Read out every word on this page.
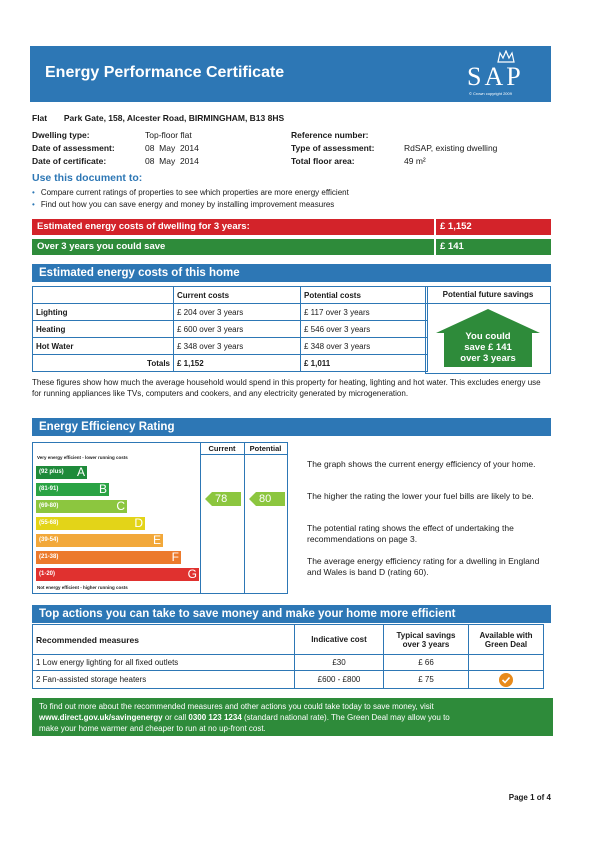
Energy Performance Certificate	SAP
© Crown copyright 2009
Flat Park Gate, 158, Alcester Road, BIRMINGHAM, B13 8HS
Dwelling type:	Top-floor flat
Date of assessment:	08  May  2014
Date of certificate:	08  May  2014
Reference number:
Type of assessment:	RdSAP, existing dwelling
Total floor area:	49 m²
Use this document to:
• Compare current ratings of properties to see which properties are more energy efficient
• Find out how you can save energy and money by installing improvement measures
Estimated energy costs of dwelling for 3 years:	£ 1,152
Over 3 years you could save	£ 141
Estimated energy costs of this home
	Current costs	Potential costs
Lighting	£ 204 over 3 years	£ 117 over 3 years
Heating	£ 600 over 3 years	£ 546 over 3 years
Hot Water	£ 348 over 3 years	£ 348 over 3 years
Totals	£ 1,152	£ 1,011
Potential future savings
You could
save £ 141
over 3 years
These figures show how much the average household would spend in this property for heating, lighting and hot water. This excludes energy use for running appliances like TVs, computers and cookers, and any electricity generated by microgeneration.
Energy Efficiency Rating
Current	Potential
Very energy efficient - lower running costs
Not energy efficient - higher running costs
(92 plus) A
(81-91)	B
(69-80)	C
(55-68)	D
(39-54)	E
(21-38)	F
(1-20)	G
78	80
The graph shows the current energy efficiency of your home.
The higher the rating the lower your fuel bills are likely to be.
The potential rating shows the effect of undertaking the recommendations on page 3.
The average energy efficiency rating for a dwelling in England and Wales is band D (rating 60).
Top actions you can take to save money and make your home more efficient
Recommended measures	Indicative cost	Typical savings over 3 years	Available with Green Deal
1 Low energy lighting for all fixed outlets	£30	£ 66	
2 Fan-assisted storage heaters	£600 - £800	£ 75	
To find out more about the recommended measures and other actions you could take today to save money, visit
www.direct.gov.uk/savingenergy or call 0300 123 1234 (standard national rate). The Green Deal may allow you to
make your home warmer and cheaper to run at no up-front cost.
Page 1 of 4
